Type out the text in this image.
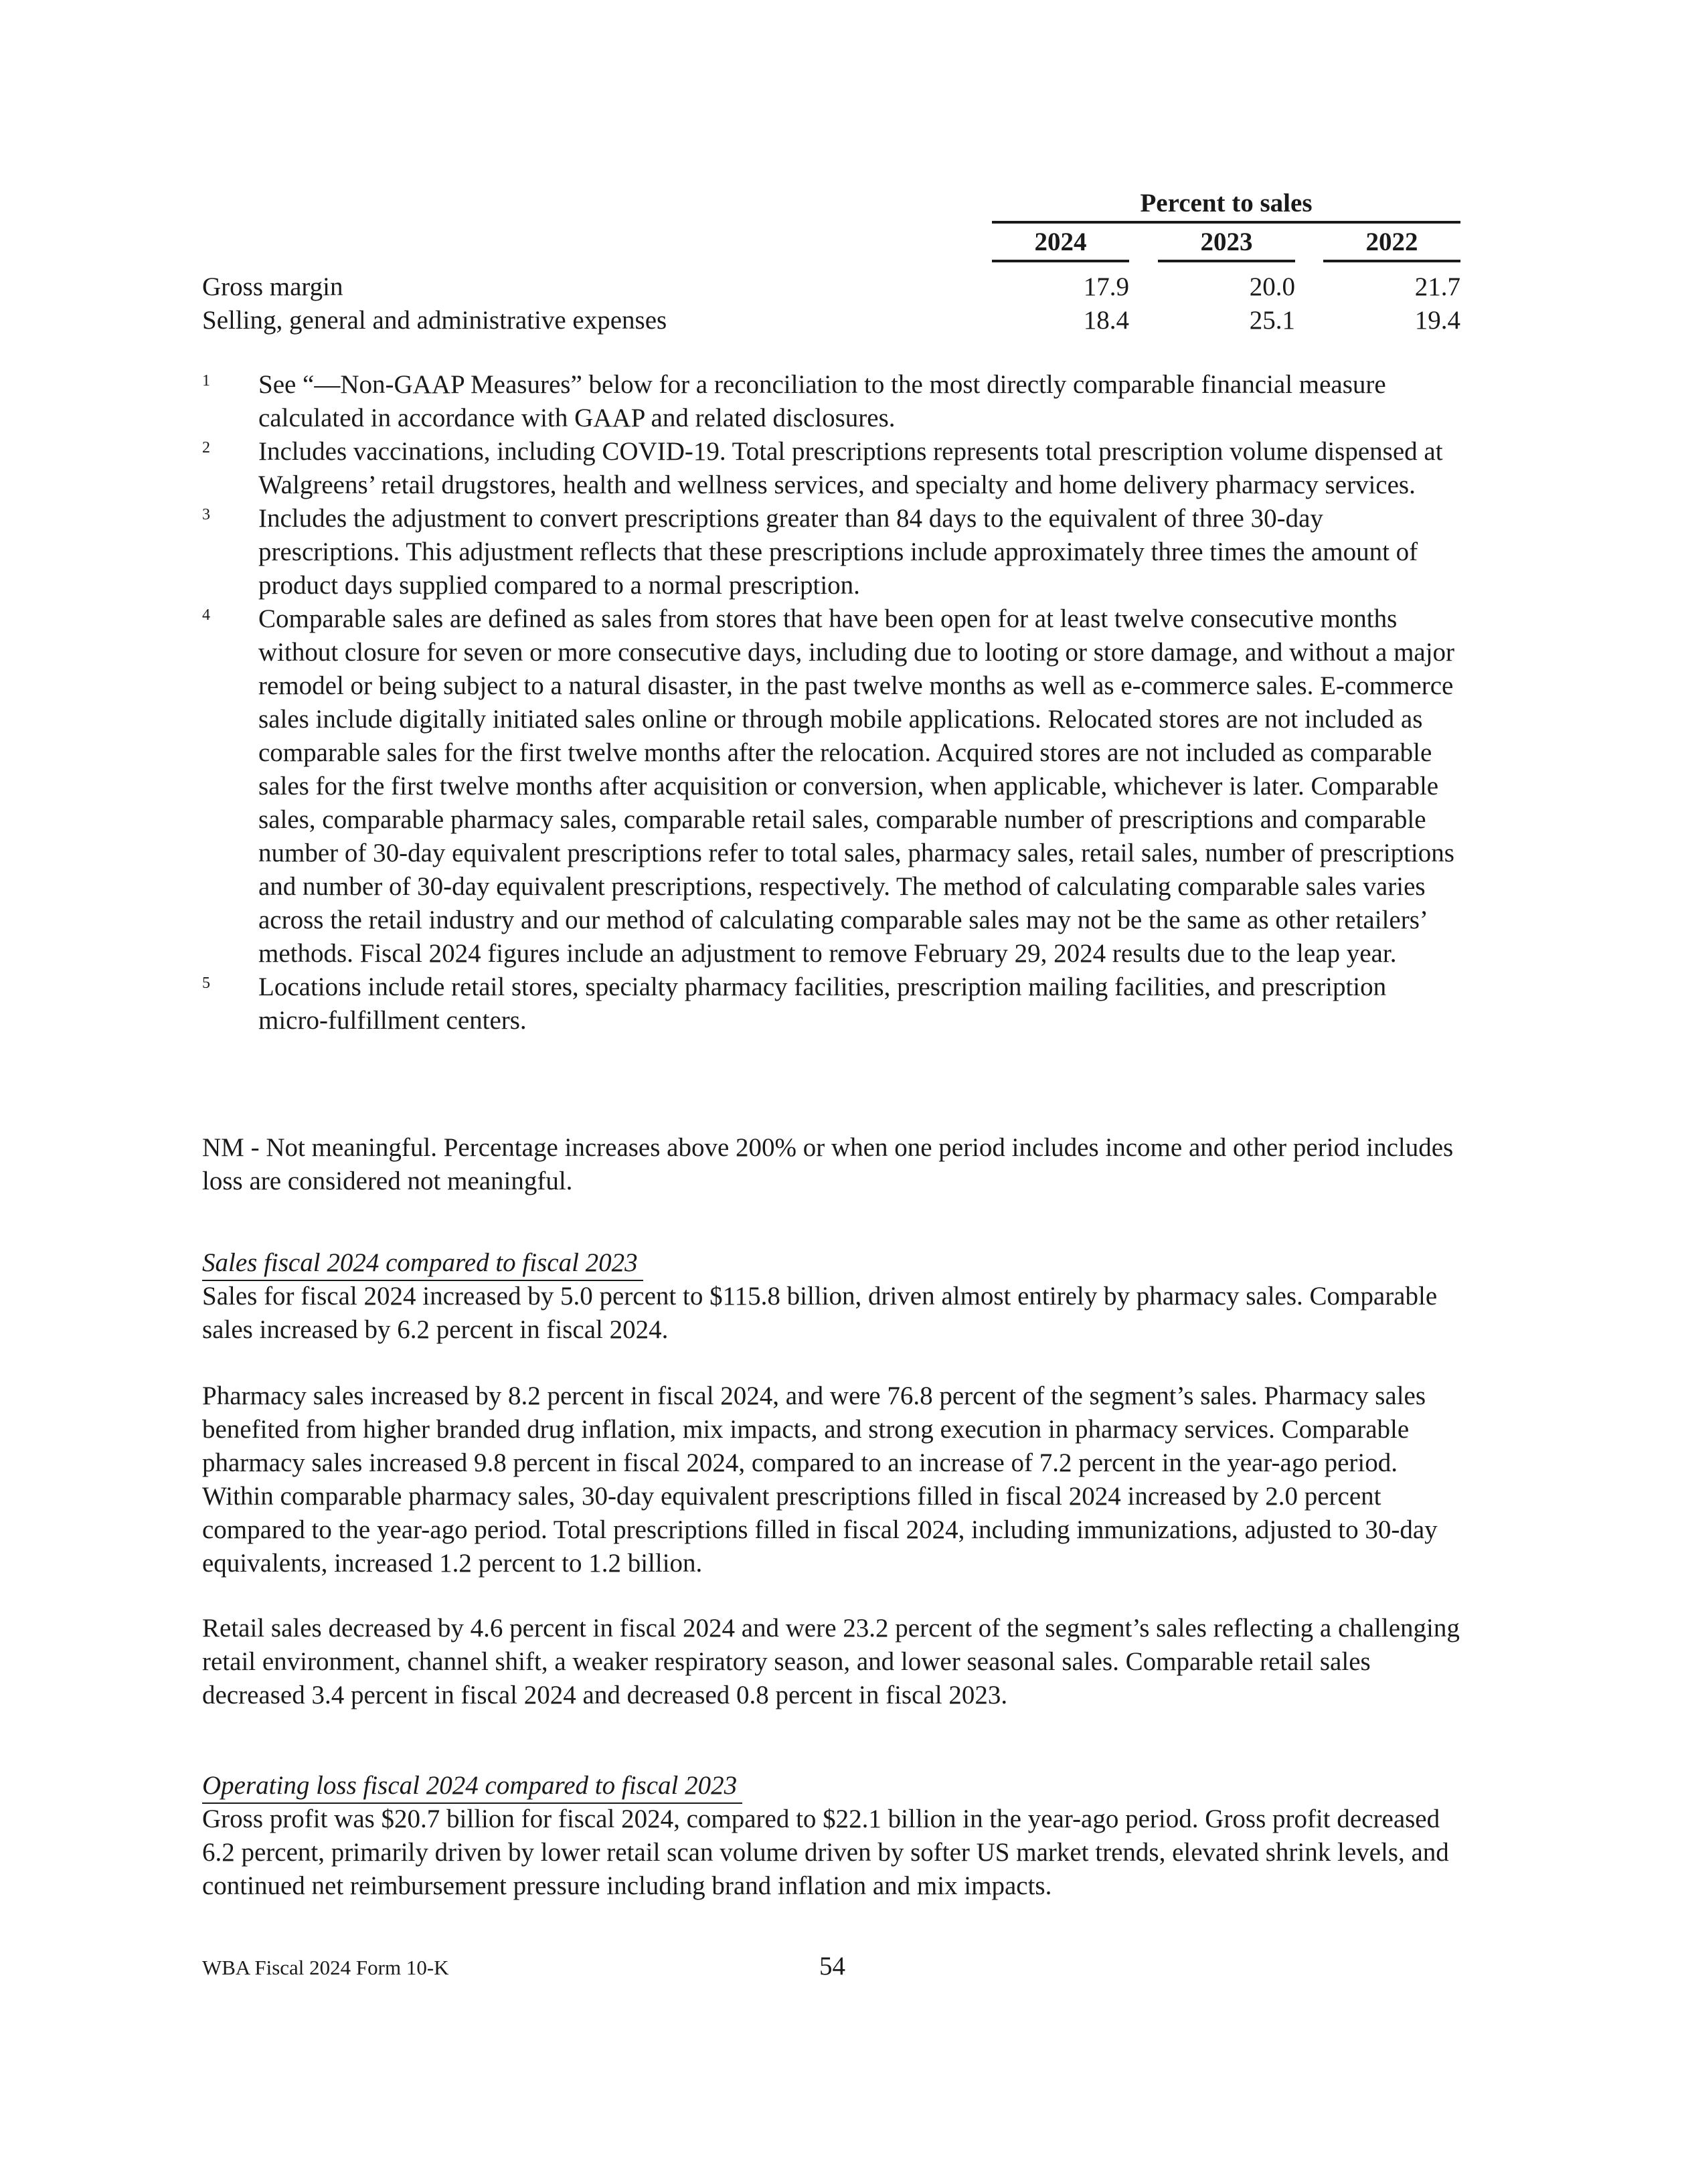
Percent to sales
2024	2023	2022
Gross margin	17.9	20.0	21.7
Selling, general and administrative expenses	18.4	25.1	19.4
1 See “—Non-GAAP Measures” below for a reconciliation to the most directly comparable financial measure calculated in accordance with GAAP and related disclosures.
2 Includes vaccinations, including COVID-19. Total prescriptions represents total prescription volume dispensed at Walgreens’ retail drugstores, health and wellness services, and specialty and home delivery pharmacy services.
3 Includes the adjustment to convert prescriptions greater than 84 days to the equivalent of three 30-day prescriptions. This adjustment reflects that these prescriptions include approximately three times the amount of product days supplied compared to a normal prescription.
4 Comparable sales are defined as sales from stores that have been open for at least twelve consecutive months without closure for seven or more consecutive days, including due to looting or store damage, and without a major remodel or being subject to a natural disaster, in the past twelve months as well as e-commerce sales. E-commerce sales include digitally initiated sales online or through mobile applications. Relocated stores are not included as comparable sales for the first twelve months after the relocation. Acquired stores are not included as comparable sales for the first twelve months after acquisition or conversion, when applicable, whichever is later. Comparable sales, comparable pharmacy sales, comparable retail sales, comparable number of prescriptions and comparable number of 30-day equivalent prescriptions refer to total sales, pharmacy sales, retail sales, number of prescriptions and number of 30-day equivalent prescriptions, respectively. The method of calculating comparable sales varies across the retail industry and our method of calculating comparable sales may not be the same as other retailers’ methods. Fiscal 2024 figures include an adjustment to remove February 29, 2024 results due to the leap year.
5 Locations include retail stores, specialty pharmacy facilities, prescription mailing facilities, and prescription micro-fulfillment centers.

NM - Not meaningful. Percentage increases above 200% or when one period includes income and other period includes loss are considered not meaningful.

Sales fiscal 2024 compared to fiscal 2023

Sales for fiscal 2024 increased by 5.0 percent to $115.8 billion, driven almost entirely by pharmacy sales. Comparable sales increased by 6.2 percent in fiscal 2024.

Pharmacy sales increased by 8.2 percent in fiscal 2024, and were 76.8 percent of the segment’s sales. Pharmacy sales benefited from higher branded drug inflation, mix impacts, and strong execution in pharmacy services. Comparable pharmacy sales increased 9.8 percent in fiscal 2024, compared to an increase of 7.2 percent in the year-ago period. Within comparable pharmacy sales, 30-day equivalent prescriptions filled in fiscal 2024 increased by 2.0 percent compared to the year-ago period. Total prescriptions filled in fiscal 2024, including immunizations, adjusted to 30-day equivalents, increased 1.2 percent to 1.2 billion.

Retail sales decreased by 4.6 percent in fiscal 2024 and were 23.2 percent of the segment’s sales reflecting a challenging retail environment, channel shift, a weaker respiratory season, and lower seasonal sales. Comparable retail sales decreased 3.4 percent in fiscal 2024 and decreased 0.8 percent in fiscal 2023.

Operating loss fiscal 2024 compared to fiscal 2023

Gross profit was $20.7 billion for fiscal 2024, compared to $22.1 billion in the year-ago period. Gross profit decreased 6.2 percent, primarily driven by lower retail scan volume driven by softer US market trends, elevated shrink levels, and continued net reimbursement pressure including brand inflation and mix impacts.

WBA Fiscal 2024 Form 10-K	54
